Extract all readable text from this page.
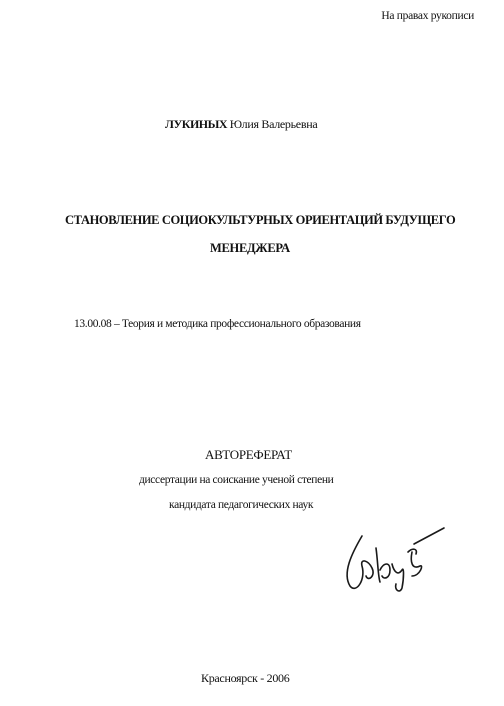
На правах рукописи
ЛУКИНЫХ Юлия Валерьевна
СТАНОВЛЕНИЕ СОЦИОКУЛЬТУРНЫХ ОРИЕНТАЦИЙ БУДУЩЕГО
МЕНЕДЖЕРА
13.00.08 – Теория и методика профессионального образования
АВТОРЕФЕРАТ
диссертации на соискание ученой степени
кандидата педагогических наук
Красноярск - 2006
